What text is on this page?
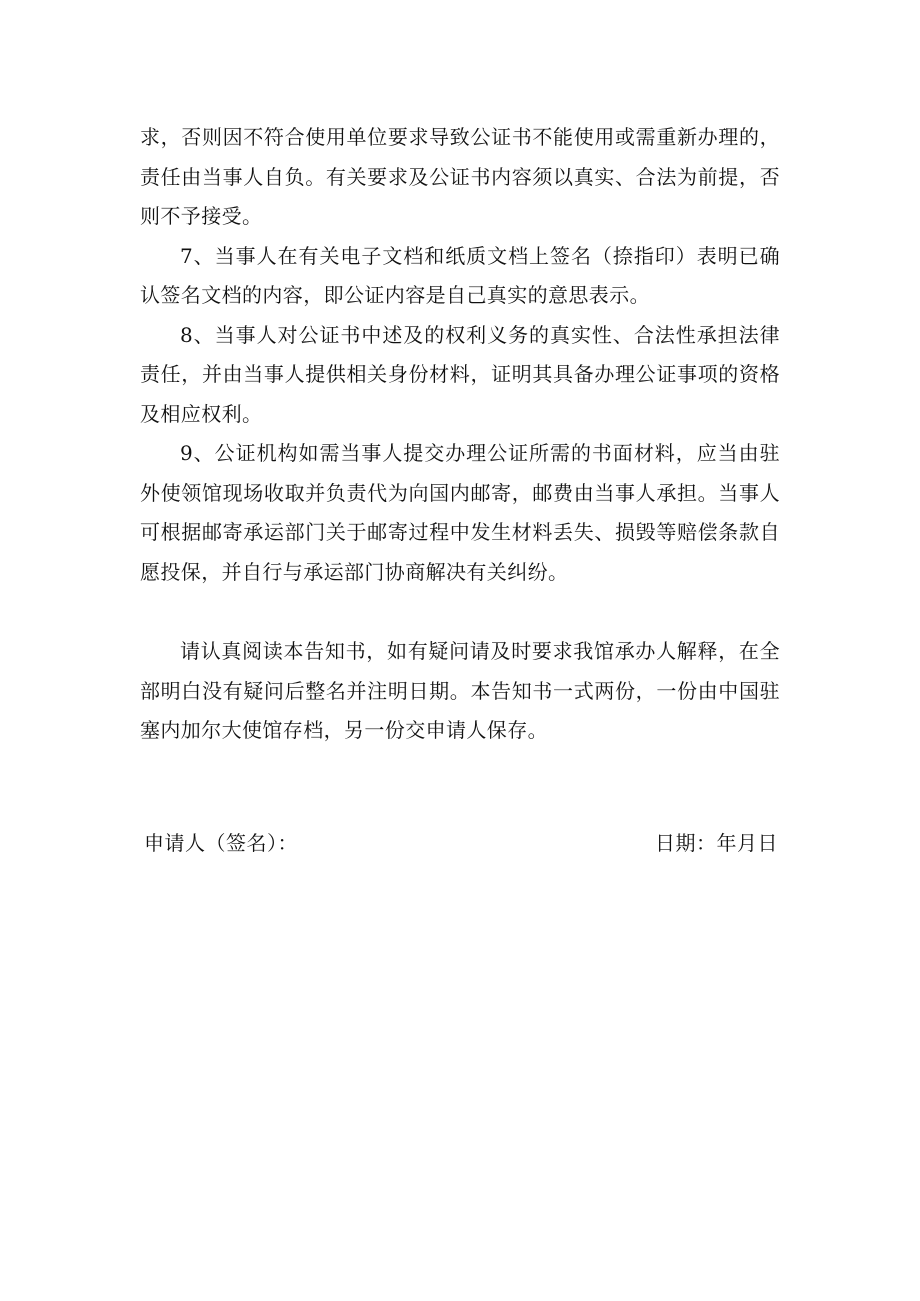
求，否则因不符合使用单位要求导致公证书不能使用或需重新办理的，责任由当事人自负。有关要求及公证书内容须以真实、合法为前提，否则不予接受。

7、当事人在有关电子文档和纸质文档上签名（捺指印）表明已确认签名文档的内容，即公证内容是自己真实的意思表示。

8、当事人对公证书中述及的权利义务的真实性、合法性承担法律责任，并由当事人提供相关身份材料，证明其具备办理公证事项的资格及相应权利。

9、公证机构如需当事人提交办理公证所需的书面材料，应当由驻外使领馆现场收取并负责代为向国内邮寄，邮费由当事人承担。当事人可根据邮寄承运部门关于邮寄过程中发生材料丢失、损毁等赔偿条款自愿投保，并自行与承运部门协商解决有关纠纷。

请认真阅读本告知书，如有疑问请及时要求我馆承办人解释，在全部明白没有疑问后整名并注明日期。本告知书一式两份，一份由中国驻塞内加尔大使馆存档，另一份交申请人保存。

申请人（签名）：	日期：年月日
